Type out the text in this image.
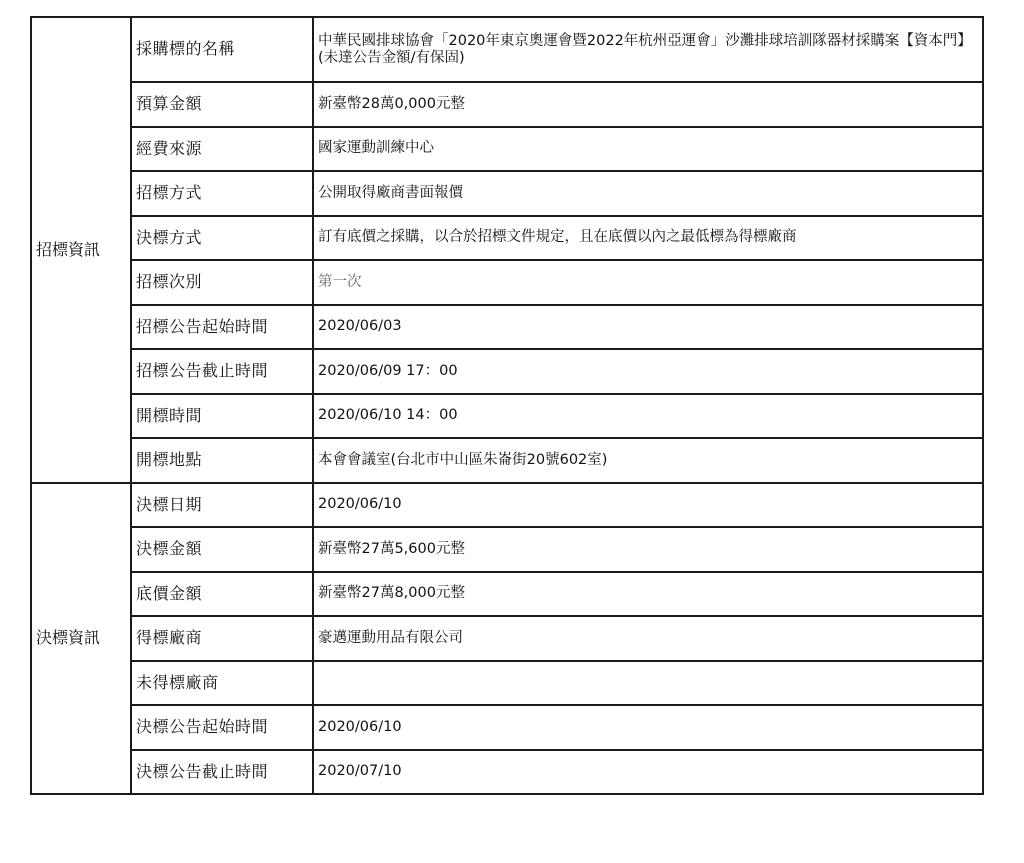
招標資訊	採購標的名稱	中華民國排球協會「2020年東京奧運會暨2022年杭州亞運會」沙灘排球培訓隊器材採購案【資本門】(未達公告金額/有保固)
	預算金額	新臺幣28萬0,000元整
	經費來源	國家運動訓練中心
	招標方式	公開取得廠商書面報價
	決標方式	訂有底價之採購，以合於招標文件規定，且在底價以內之最低標為得標廠商
	招標次別	第一次
	招標公告起始時間	2020/06/03
	招標公告截止時間	2020/06/09 17：00
	開標時間	2020/06/10 14：00
	開標地點	本會會議室(台北市中山區朱崙街20號602室)
決標資訊	決標日期	2020/06/10
	決標金額	新臺幣27萬5,600元整
	底價金額	新臺幣27萬8,000元整
	得標廠商	豪邁運動用品有限公司
	未得標廠商	
	決標公告起始時間	2020/06/10
	決標公告截止時間	2020/07/10
